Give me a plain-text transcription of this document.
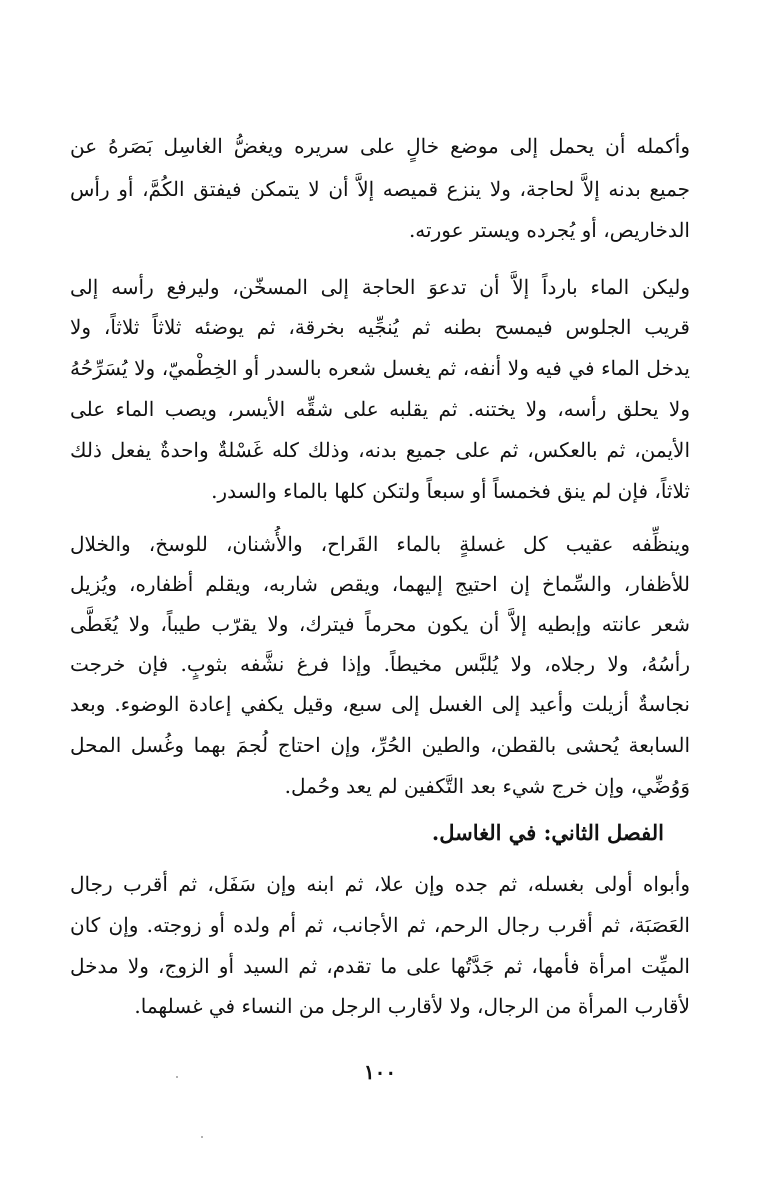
وأكمله أن يحمل إلى موضع خالٍ على سريره ويغضُّ الغاسِل بَصَرهُ عن
جميع بدنه إلاَّ لحاجة، ولا ينزع قميصه إلاَّ أن لا يتمكن فيفتق الكُمَّ، أو رأس
الدخاريص، أو يُجرده ويستر عورته.
وليكن الماء بارداً إلاَّ أن تدعوَ الحاجة إلى المسخّن، وليرفع رأسه إلى
قريب الجلوس فيمسح بطنه ثم يُنجِّيه بخرقة، ثم يوضئه ثلاثاً ثلاثاً، ولا
يدخل الماء في فيه ولا أنفه، ثم يغسل شعره بالسدر أو الخِطْميّ، ولا يُسَرِّحُهُ
ولا يحلق رأسه، ولا يختنه. ثم يقلبه على شقِّه الأيسر، ويصب الماء على
الأيمن، ثم بالعكس، ثم على جميع بدنه، وذلك كله غَسْلةٌ واحدةٌ يفعل ذلك
ثلاثاً، فإن لم ينق فخمساً أو سبعاً ولتكن كلها بالماء والسدر.
وينظِّفه عقيب كل غسلةٍ بالماء القَراح، والأُشنان، للوسخ، والخلال
للأظفار، والسِّماخ إن احتيج إليهما، ويقص شاربه، ويقلم أظفاره، ويُزيل
شعر عانته وإبطيه إلاَّ أن يكون محرماً فيترك، ولا يقرّب طيباً، ولا يُغَطَّى
رأسُهُ، ولا رجلاه، ولا يُلبَّس مخيطاً. وإذا فرغ نشَّفه بثوبٍ. فإن خرجت
نجاسةٌ أزيلت وأعيد إلى الغسل إلى سبع، وقيل يكفي إعادة الوضوء. وبعد
السابعة يُحشى بالقطن، والطين الحُرِّ، وإن احتاج لُجمَ بهما وغُسل المحل
وَوُضِّي، وإن خرج شيء بعد التَّكفين لم يعد وحُمل.
الفصل الثاني: في الغاسل.
وأبواه أولى بغسله، ثم جده وإن علا، ثم ابنه وإن سَفَل، ثم أقرب رجال
العَصَبَة، ثم أقرب رجال الرحم، ثم الأجانب، ثم أم ولده أو زوجته. وإن كان
الميِّت امرأة فأمها، ثم جَدَّتُها على ما تقدم، ثم السيد أو الزوج، ولا مدخل
لأقارب المرأة من الرجال، ولا لأقارب الرجل من النساء في غسلهما.
١٠٠
